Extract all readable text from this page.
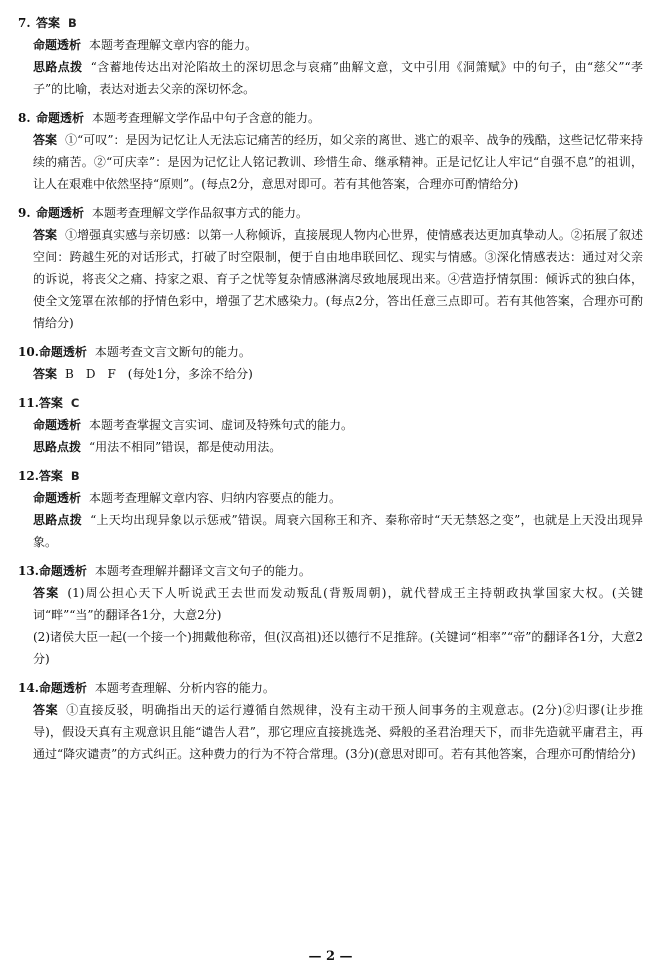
7. 答案 B

命题透析 本题考查理解文章内容的能力。

思路点拨 “含蓄地传达出对沦陷故土的深切思念与哀痛”曲解文意，文中引用《洞箫赋》中的句子，由“慈父”“孝子”的比喻，表达对逝去父亲的深切怀念。

8. 命题透析 本题考查理解文学作品中句子含意的能力。

答案 ①“可叹”：是因为记忆让人无法忘记痛苦的经历，如父亲的离世、逃亡的艰辛、战争的残酷，这些记忆带来持续的痛苦。②“可庆幸”：是因为记忆让人铭记教训、珍惜生命、继承精神。正是记忆让人牢记“自强不息”的祖训，让人在艰难中依然坚持“原则”。(每点2分，意思对即可。若有其他答案，合理亦可酌情给分)

9. 命题透析 本题考查理解文学作品叙事方式的能力。

答案 ①增强真实感与亲切感：以第一人称倾诉，直接展现人物内心世界，使情感表达更加真挚动人。②拓展了叙述空间：跨越生死的对话形式，打破了时空限制，便于自由地串联回忆、现实与情感。③深化情感表达：通过对父亲的诉说，将丧父之痛、持家之艰、育子之忧等复杂情感淋漓尽致地展现出来。④营造抒情氛围：倾诉式的独白体，使全文笼罩在浓郁的抒情色彩中，增强了艺术感染力。(每点2分，答出任意三点即可。若有其他答案，合理亦可酌情给分)

10.命题透析 本题考查文言文断句的能力。

答案 B　D　F　(每处1分，多涂不给分)

11.答案 C

命题透析 本题考查掌握文言实词、虚词及特殊句式的能力。

思路点拨 “用法不相同”错误，都是使动用法。

12.答案 B

命题透析 本题考查理解文章内容、归纳内容要点的能力。

思路点拨 “上天均出现异象以示惩戒”错误。周衰六国称王和齐、秦称帝时“天无禁怒之变”，也就是上天没出现异象。

13.命题透析 本题考查理解并翻译文言文句子的能力。

答案 (1)周公担心天下人听说武王去世而发动叛乱(背叛周朝)，就代替成王主持朝政执掌国家大权。(关键词“畔”“当”的翻译各1分，大意2分)

(2)诸侯大臣一起(一个接一个)拥戴他称帝，但(汉高祖)还以德行不足推辞。(关键词“相率”“帝”的翻译各1分，大意2分)

14.命题透析 本题考查理解、分析内容的能力。

答案 ①直接反驳，明确指出天的运行遵循自然规律，没有主动干预人间事务的主观意志。(2分)②归谬(让步推导)，假设天真有主观意识且能“谴告人君”，那它理应直接挑选尧、舜般的圣君治理天下，而非先造就平庸君主，再通过“降灾谴责”的方式纠正。这种费力的行为不符合常理。(3分)(意思对即可。若有其他答案，合理亦可酌情给分)

— 2 —
